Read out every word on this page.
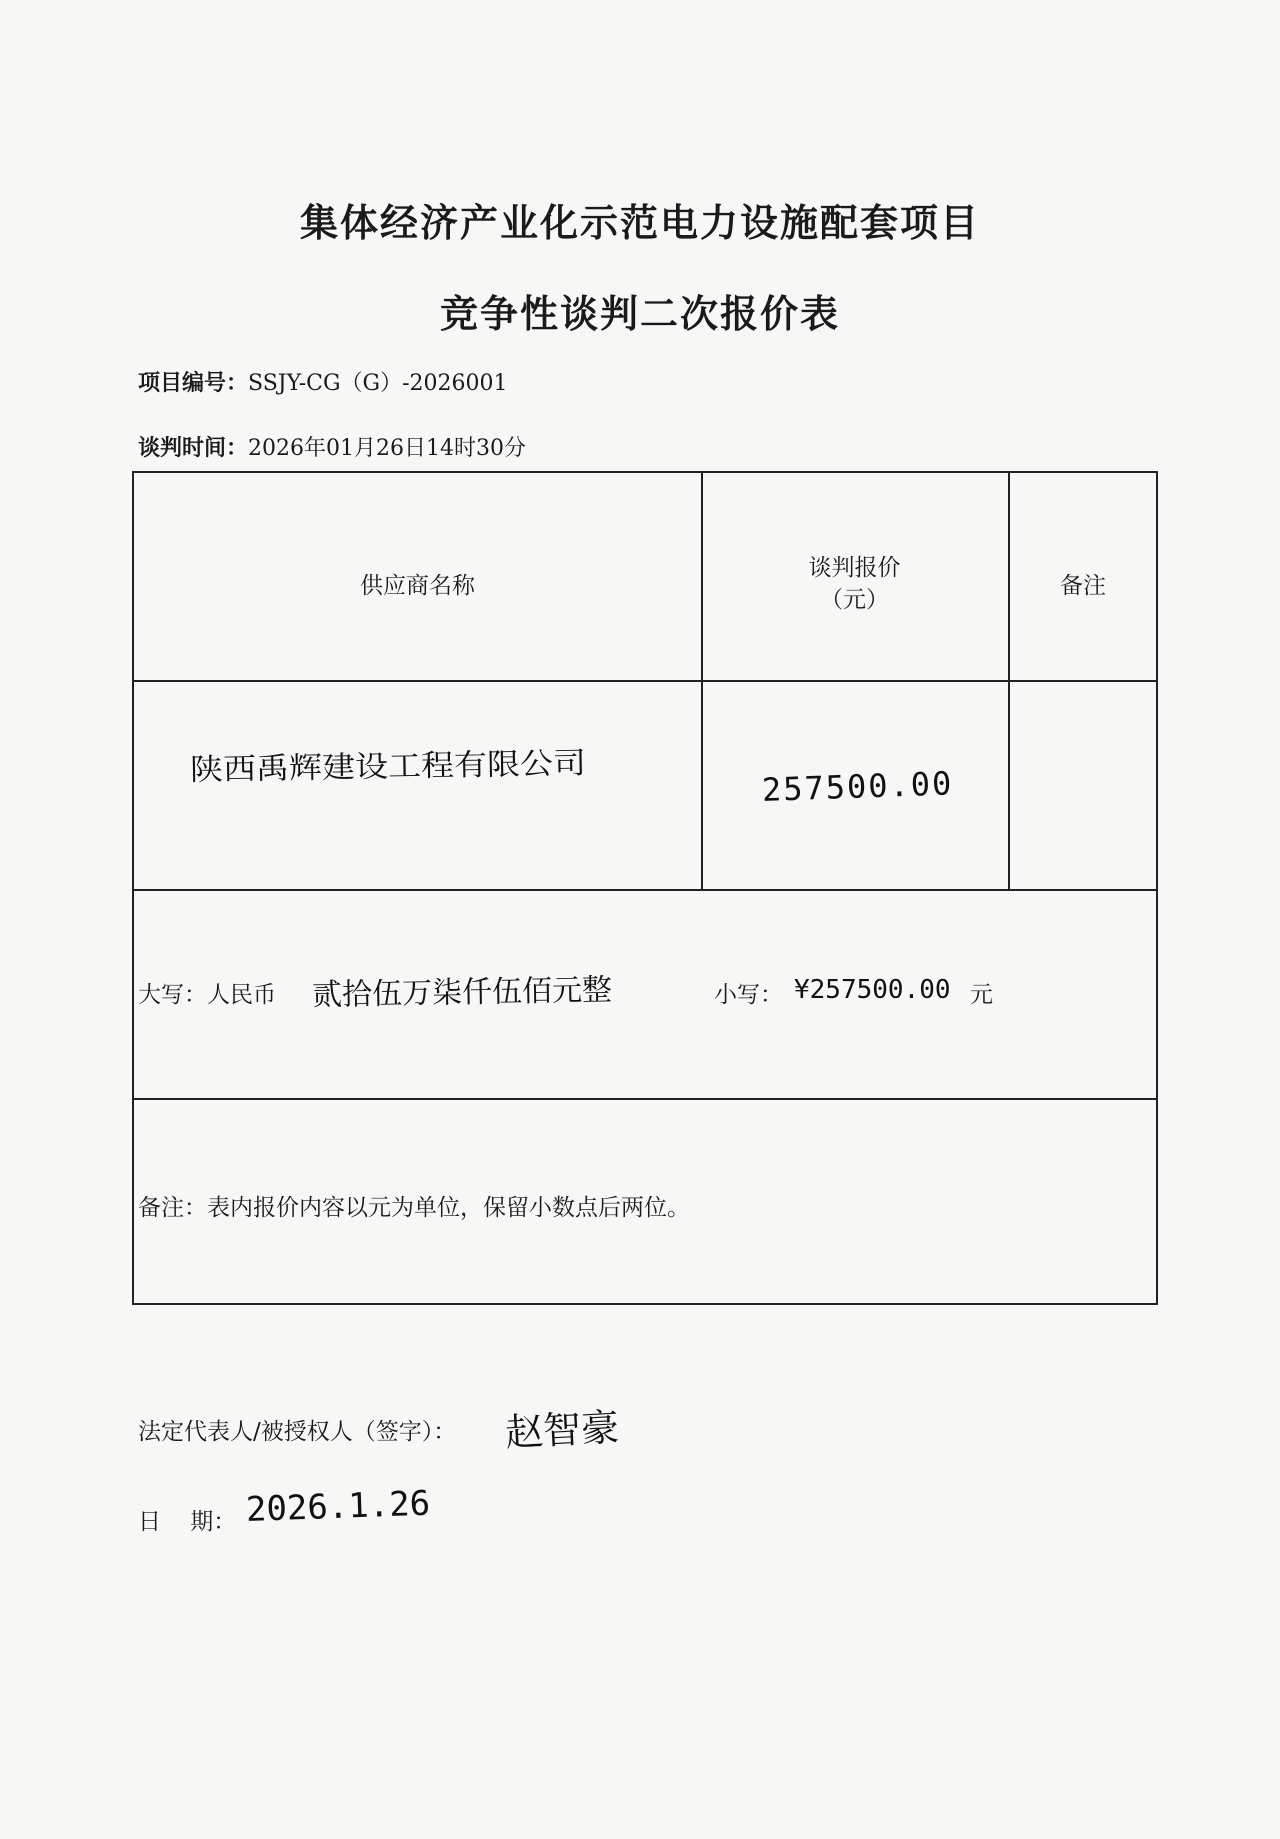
集体经济产业化示范电力设施配套项目
竞争性谈判二次报价表
项目编号：SSJY-CG（G）-2026001
谈判时间：2026年01月26日14时30分
供应商名称
谈判报价
（元）
备注
陕西禹辉建设工程有限公司	257500.00
大写：人民币 贰拾伍万柒仟伍佰元整	小写： ¥257500.00 元
备注：表内报价内容以元为单位，保留小数点后两位。
法定代表人/被授权人（签字）： 赵智豪
日    期： 2026.1.26
